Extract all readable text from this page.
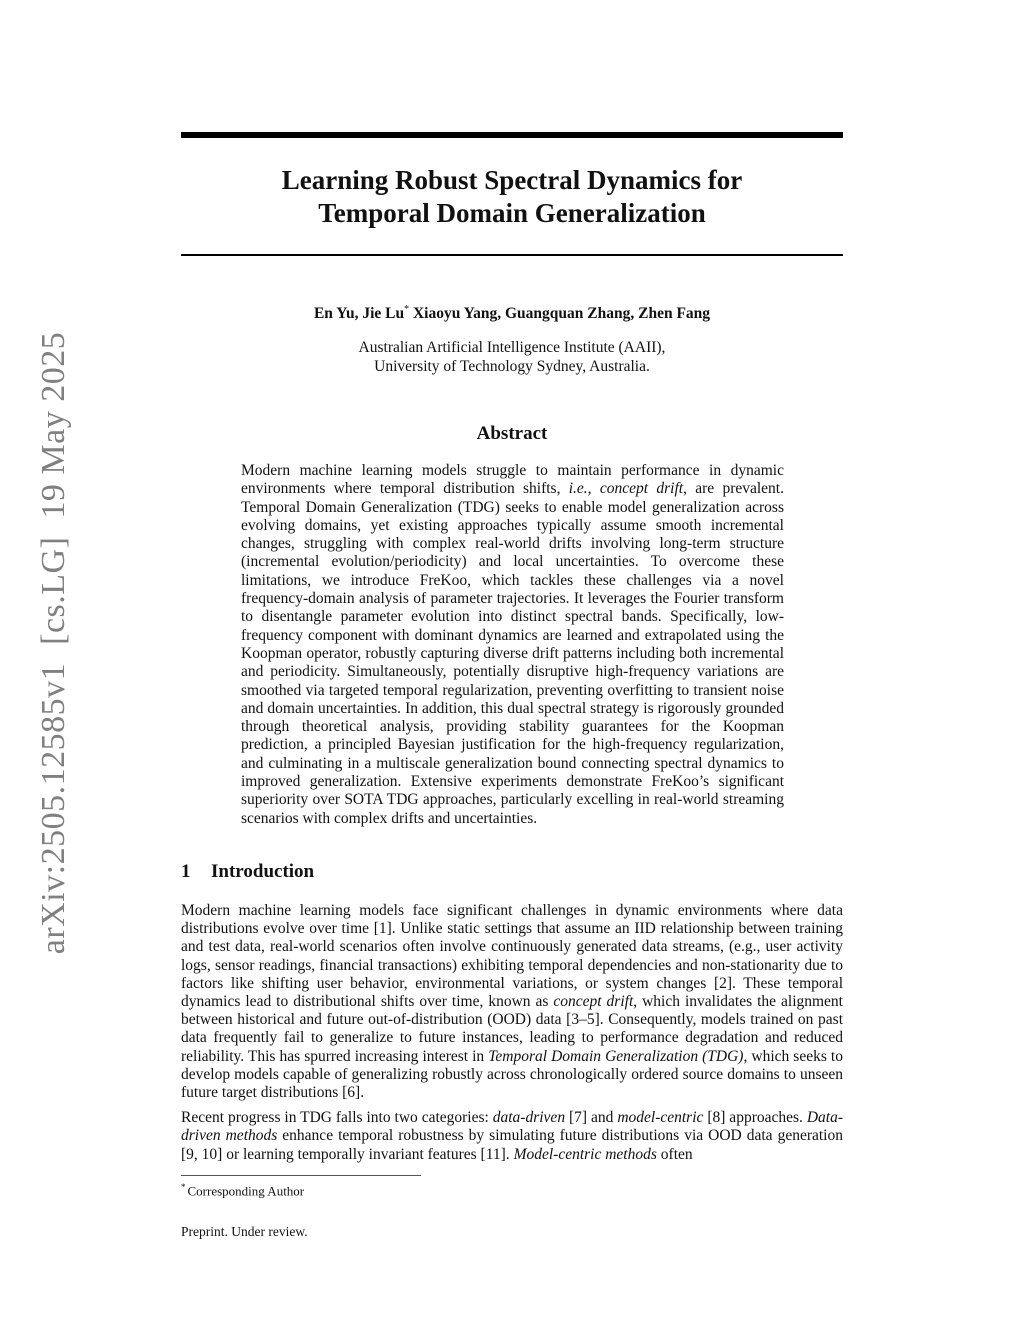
arXiv:2505.12585v1[cs.LG]19 May 2025
Learning Robust Spectral Dynamics for
Temporal Domain Generalization
En Yu, Jie Lu* Xiaoyu Yang, Guangquan Zhang, Zhen Fang
Australian Artificial Intelligence Institute (AAII),
University of Technology Sydney, Australia.
Abstract
Modern machine learning models struggle to maintain performance in dynamic environments where temporal distribution shifts, i.e., concept drift, are prevalent. Temporal Domain Generalization (TDG) seeks to enable model generalization across evolving domains, yet existing approaches typically assume smooth incremental changes, struggling with complex real-world drifts involving long-term structure (incremental evolution/periodicity) and local uncertainties. To overcome these limitations, we introduce FreKoo, which tackles these challenges via a novel frequency-domain analysis of parameter trajectories. It leverages the Fourier transform to disentangle parameter evolution into distinct spectral bands. Specifically, low-frequency component with dominant dynamics are learned and extrapolated using the Koopman operator, robustly capturing diverse drift patterns including both incremental and periodicity. Simultaneously, potentially disruptive high-frequency variations are smoothed via targeted temporal regularization, preventing overfitting to transient noise and domain uncertainties. In addition, this dual spectral strategy is rigorously grounded through theoretical analysis, providing stability guarantees for the Koopman prediction, a principled Bayesian justification for the high-frequency regularization, and culminating in a multiscale generalization bound connecting spectral dynamics to improved generalization. Extensive experiments demonstrate FreKoo’s significant superiority over SOTA TDG approaches, particularly excelling in real-world streaming scenarios with complex drifts and uncertainties.
1 Introduction

Modern machine learning models face significant challenges in dynamic environments where data distributions evolve over time [1]. Unlike static settings that assume an IID relationship between training and test data, real-world scenarios often involve continuously generated data streams, (e.g., user activity logs, sensor readings, financial transactions) exhibiting temporal dependencies and non-stationarity due to factors like shifting user behavior, environmental variations, or system changes [2]. These temporal dynamics lead to distributional shifts over time, known as concept drift, which invalidates the alignment between historical and future out-of-distribution (OOD) data [3–5]. Consequently, models trained on past data frequently fail to generalize to future instances, leading to performance degradation and reduced reliability. This has spurred increasing interest in Temporal Domain Generalization (TDG), which seeks to develop models capable of generalizing robustly across chronologically ordered source domains to unseen future target distributions [6].

Recent progress in TDG falls into two categories: data-driven [7] and model-centric [8] approaches. Data-driven methods enhance temporal robustness by simulating future distributions via OOD data generation [9, 10] or learning temporally invariant features [11]. Model-centric methods often

* Corresponding Author
Preprint. Under review.
